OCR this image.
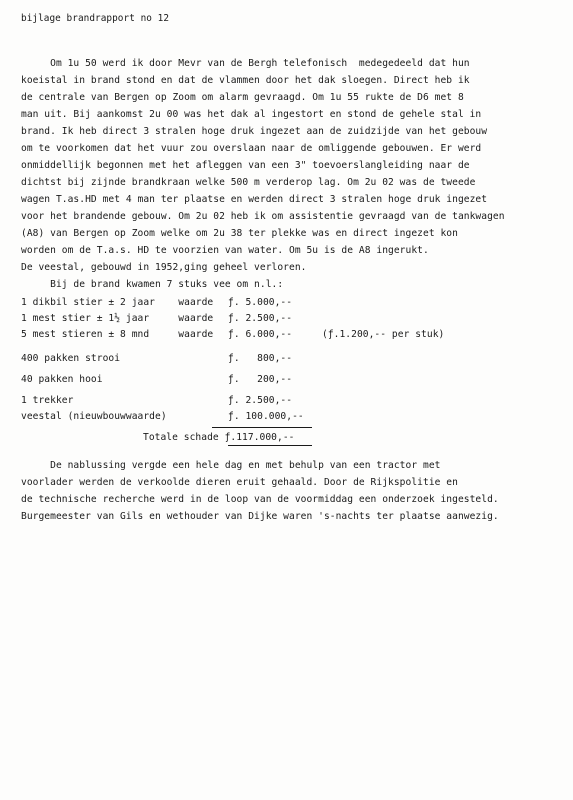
bijlage brandrapport no 12
Om 1u 50 werd ik door Mevr van de Bergh telefonisch  medegedeeld dat hun
koeistal in brand stond en dat de vlammen door het dak sloegen. Direct heb ik
de centrale van Bergen op Zoom om alarm gevraagd. Om 1u 55 rukte de D6 met 8
man uit. Bij aankomst 2u 00 was het dak al ingestort en stond de gehele stal in
brand. Ik heb direct 3 stralen hoge druk ingezet aan de zuidzijde van het gebouw
om te voorkomen dat het vuur zou overslaan naar de omliggende gebouwen. Er werd
onmiddellijk begonnen met het afleggen van een 3" toevoerslangleiding naar de
dichtst bij zijnde brandkraan welke 500 m verderop lag. Om 2u 02 was de tweede
wagen T.as.HD met 4 man ter plaatse en werden direct 3 stralen hoge druk ingezet
voor het brandende gebouw. Om 2u 02 heb ik om assistentie gevraagd van de tankwagen
(A8) van Bergen op Zoom welke om 2u 38 ter plekke was en direct ingezet kon
worden om de T.a.s. HD te voorzien van water. Om 5u is de A8 ingerukt.
De veestal, gebouwd in 1952,ging geheel verloren.
Bij de brand kwamen 7 stuks vee om n.l.:
1 dikbil stier ± 2 jaar    waarde ƒ. 5.000,--
1 mest stier ± 1½ jaar     waarde ƒ. 2.500,--
5 mest stieren ± 8 mnd     waarde ƒ. 6.000,--	(ƒ.1.200,-- per stuk)
400 pakken strooi	ƒ.   800,--
40 pakken hooi	ƒ.   200,--
1 trekker	ƒ. 2.500,--
veestal (nieuwbouwwaarde)	ƒ. 100.000,--
Totale schade ƒ.117.000,--
De nablussing vergde een hele dag en met behulp van een tractor met
voorlader werden de verkoolde dieren eruit gehaald. Door de Rijkspolitie en
de technische recherche werd in de loop van de voormiddag een onderzoek ingesteld.
Burgemeester van Gils en wethouder van Dijke waren 's-nachts ter plaatse aanwezig.
